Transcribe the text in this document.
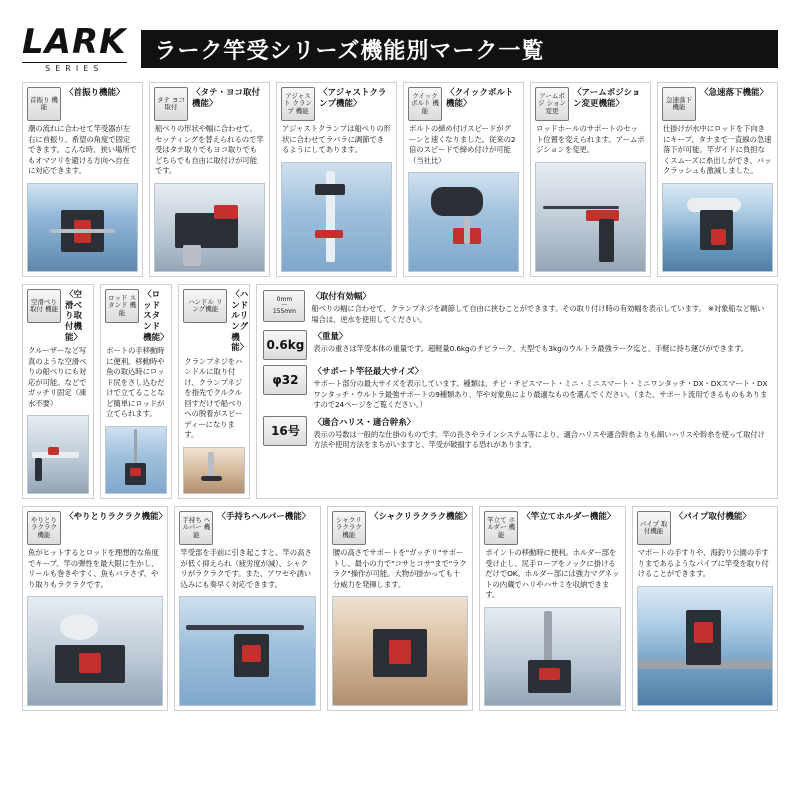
LARK
SERIES
ラーク竿受シリーズ機能別マーク一覧
首振り 機能
〈首振り機能〉
潮の流れに合わせて竿受器が左右に首振り、希望の角度で固定できます。こんな時、狭い場所でもオマツリを避ける方向へ自在に対応できます。
タテ ヨコ 取付
〈タテ・ヨコ取付機能〉
船べりの形状や幅に合わせて、セッティングを替えられるので竿受はタテ取りでもヨコ取りでもどちらでも自由に取付けが可能です。
アジャスト クランプ 機能
〈アジャストクランプ機能〉
アジャストクランプは船べりの形状に合わせてラバラに調節できるようにしてあります。
クイック ボルト 機能
〈クイックボルト機能〉
ボルトの締め付けスピードがグーンと速くなりました。従来の2倍のスピードで締め付けが可能（当社比）
アームポジ ション 変更
〈アームポジション変更機能〉
ロッドホールのサポートのセット位置を変えられます。アームポジションを変更。
急速落下 機能
〈急速落下機能〉
仕掛けが水中にロッドを下向きにキープ、タナまで一直線の急速落下が可能。竿ガイドに負担なくスムーズに糸出しができ、バックラッシュも激減しました。
空滑べり 取付 機能
〈空滑べり取付機能〉
クルーザーなど写真のような空滑べりの船べりにも対応が可能。などでガッチリ固定（凍水不要）
ロッド スタンド 機能
〈ロッドスタンド機能〉
ボートの手移動時に便利。移動時や魚の取込時にロッド尻をさし込むだけで立てることなど簡単にロッドが立てられます。
ハンドル リング機能
〈ハンドルリング機能〉
クランプネジをハンドルに取り付け、クランプネジを指先でクルクル回すだけで船べりへの脱着がスピーディーになります。
0mm
～
155mm
〈取付有効幅〉
船べりの幅に合わせて、クランプネジを調節して自由に挟むことができます。その取り付け時の有効幅を表示しています。 ※対象船など幅い場合は、逆水を使用してください。
0.6kg
〈重量〉
表示の重さは竿受本体の重量です。超軽量0.6kgのチビラーク、大型でも3kgのウルトラ最強ラーク迄と、手軽に持ち運びができます。
φ32
〈サポート竿径最大サイズ〉
サポート部分の最大サイズを表示しています。種類は、チビ・チビスマート・ミニ・ミニスマート・ミニワンタッチ・DX・DXスマート・DXワンタッチ・ウルトラ最強サポートの9種類あり、竿や対象魚により最適なものを選んでください。（また、サポート流用できるものもありますので24ページをご覧ください。）
16号
〈適合ハリス・適合幹糸〉
表示の号数は一般的な仕掛のものです。竿の長さやラインシステム等により、適合ハリスや適合幹糸よりも細いハリスや幹糸を使って取付け方法や使用方法をまちがいますと、竿受が破損する恐れがあります。
やりとり ラクラク 機能
〈やりとりラクラク機能〉
魚がヒットするとロッドを理想的な角度でキープ、竿の弾性を最大限に生かし、リールも巻きやすく、魚もバラさず、やり取りもラクラクです。
手持ち ヘルパー 機能
〈手持ちヘルパー機能〉
竿受部を手前に引き起こすと、竿の高さが低く抑えられ（疲労度が減）、シャクリがラクラクです。また、アワセや誘い込みにも奏早く対応できます。
シャクリ ラクラク 機能
〈シャクリラクラク機能〉
腰の高さでサポートを"ガッチリ"サポートし、最小の力で"コサとコサ"まで"ラクラク"操作が可能。大物が掛かっても十分威力を発揮します。
竿立て ホルダー 機能
〈竿立てホルダー機能〉
ポイントの移動時に便利。ホルダー部を受け止し、尻手ロープをノックに掛けるだけでOK。ホルダー部には強力マグネットの内蔵でハリやハサミを収納できます。
パイプ 取付機能
〈パイプ取付機能〉
マボートの手すりや、海釣り公園の手すりまであるようなパイプに竿受を取り付けることができます。
